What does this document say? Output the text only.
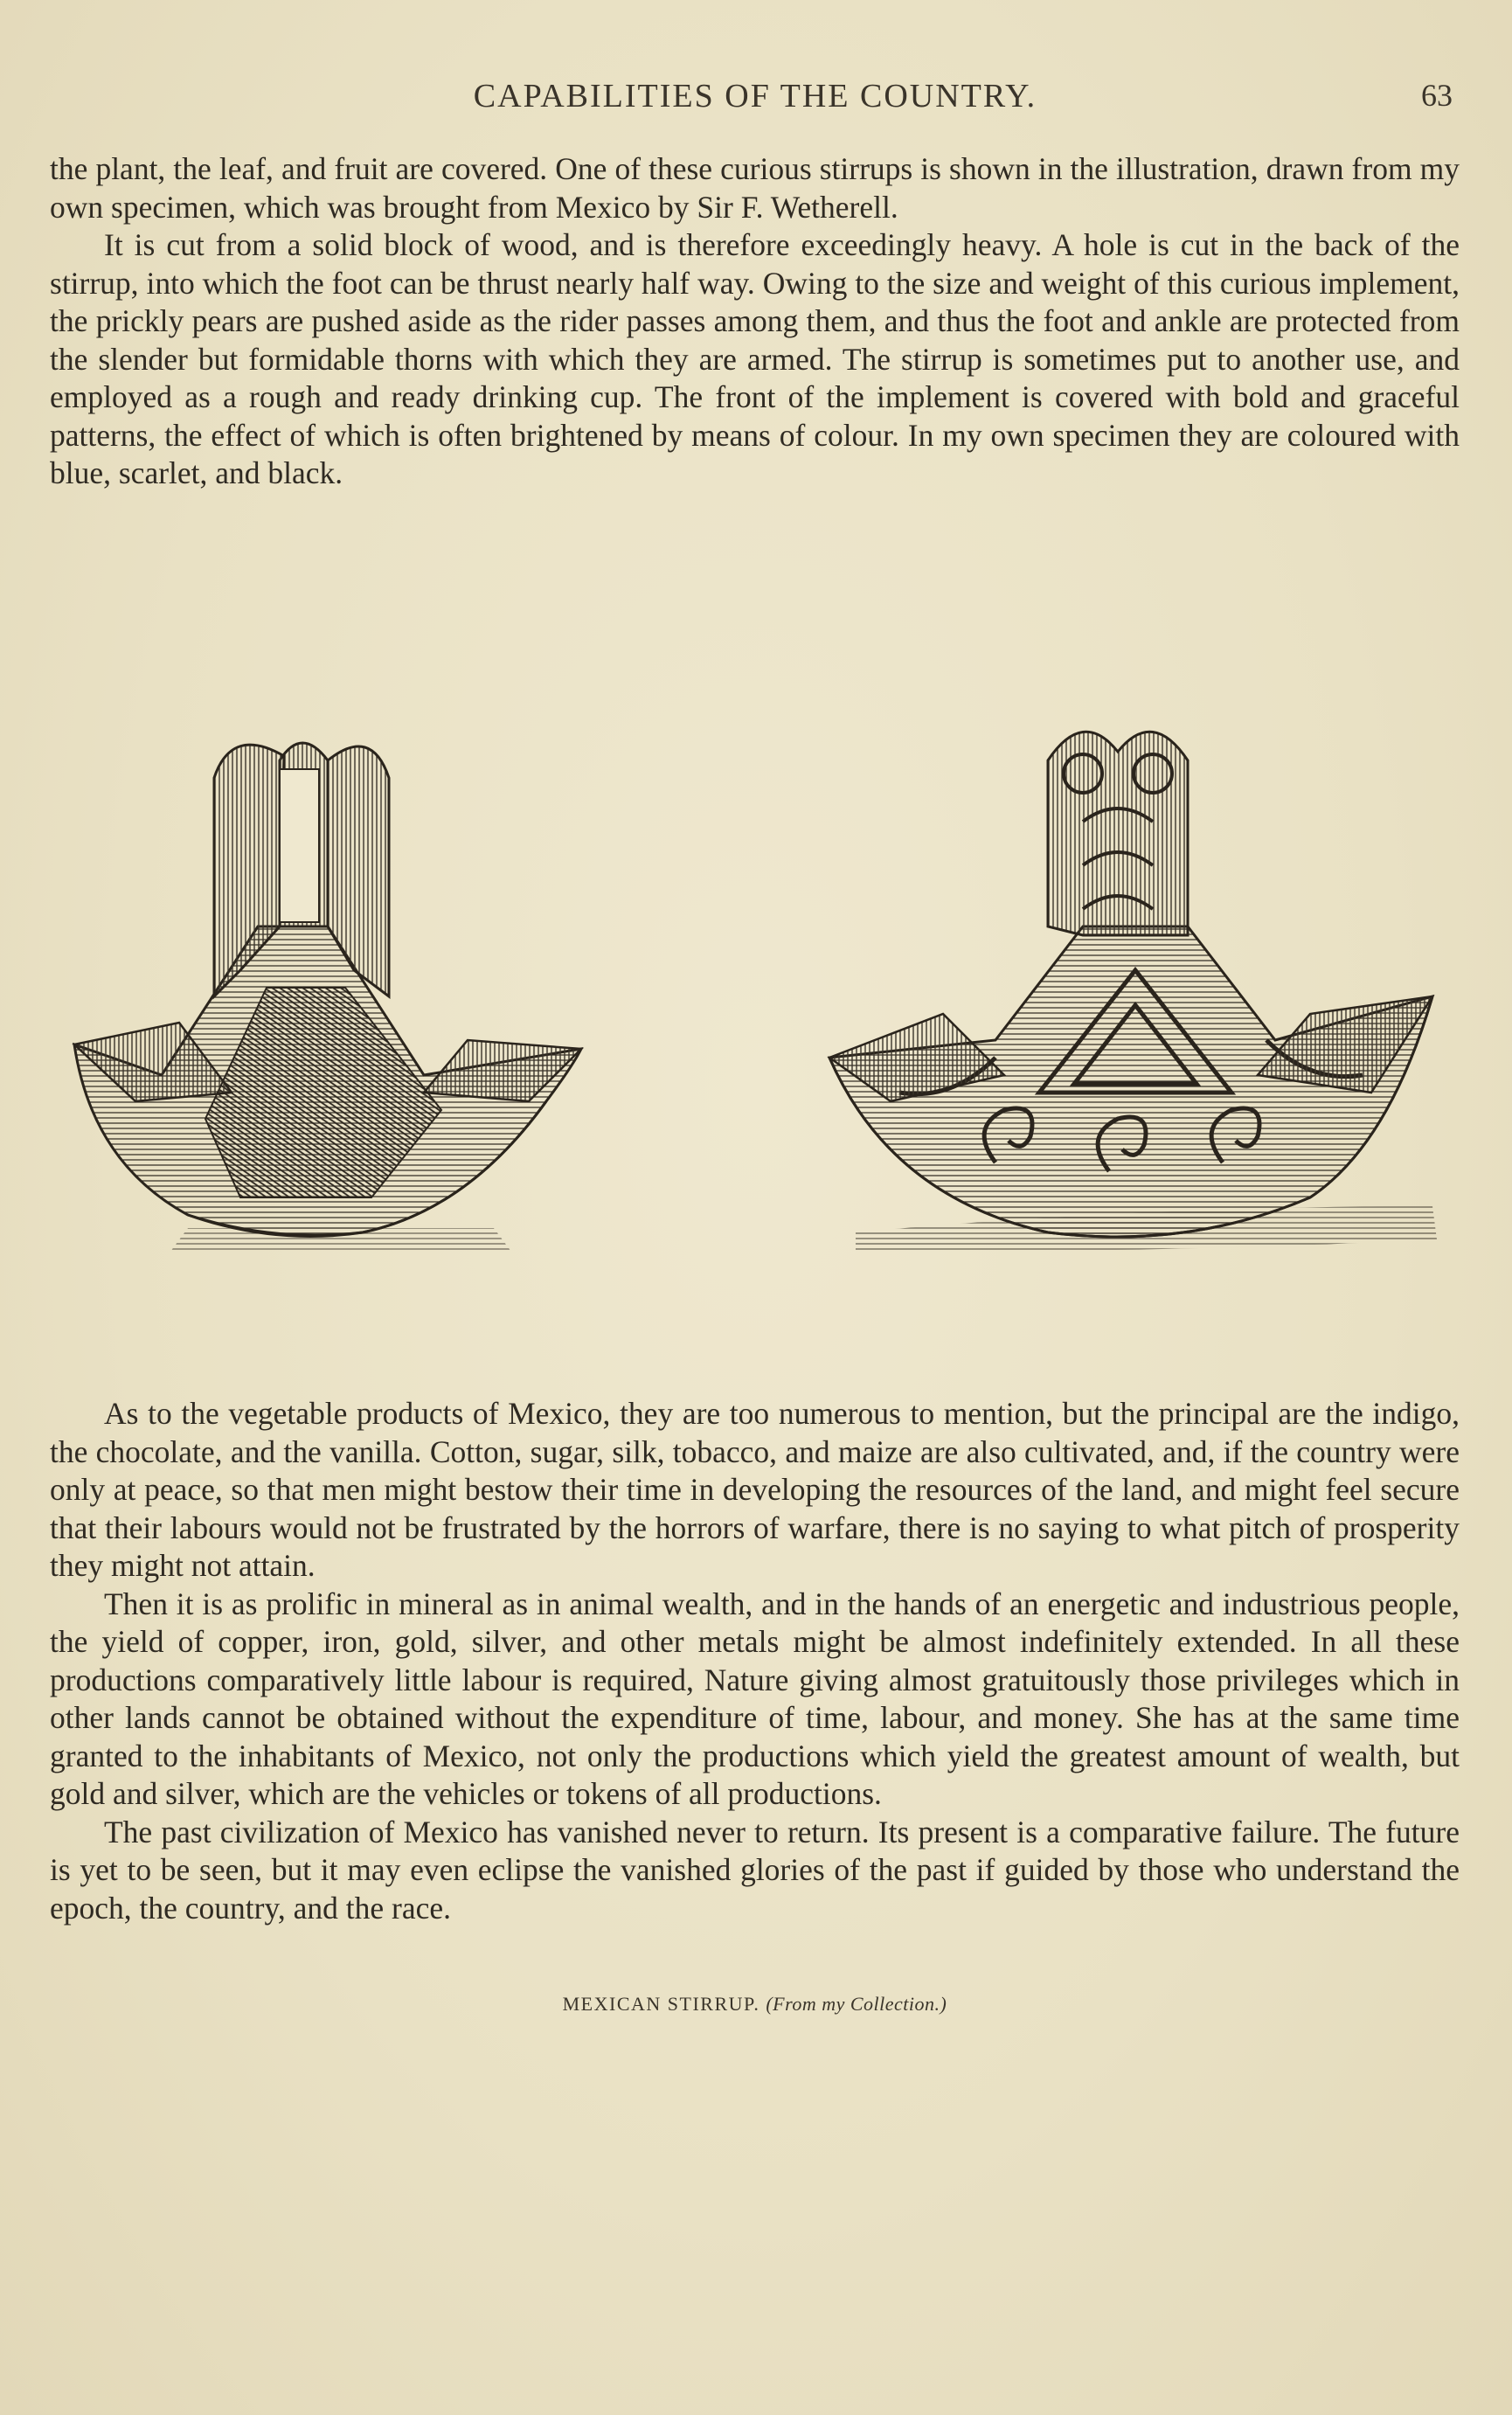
CAPABILITIES OF THE COUNTRY.	63

the plant, the leaf, and fruit are covered. One of these curious stirrups is shown in the illustration, drawn from my own specimen, which was brought from Mexico by Sir F. Wetherell.

It is cut from a solid block of wood, and is therefore exceedingly heavy. A hole is cut in the back of the stirrup, into which the foot can be thrust nearly half way. Owing to the size and weight of this curious implement, the prickly pears are pushed aside as the rider passes among them, and thus the foot and ankle are protected from the slender but formidable thorns with which they are armed. The stirrup is sometimes put to another use, and employed as a rough and ready drinking cup. The front of the implement is covered with bold and graceful patterns, the effect of which is often brightened by means of colour. In my own specimen they are coloured with blue, scarlet, and black.

MEXICAN STIRRUP. (From my Collection.)

As to the vegetable products of Mexico, they are too numerous to mention, but the principal are the indigo, the chocolate, and the vanilla. Cotton, sugar, silk, tobacco, and maize are also cultivated, and, if the country were only at peace, so that men might bestow their time in developing the resources of the land, and might feel secure that their labours would not be frustrated by the horrors of warfare, there is no saying to what pitch of prosperity they might not attain.

Then it is as prolific in mineral as in animal wealth, and in the hands of an energetic and industrious people, the yield of copper, iron, gold, silver, and other metals might be almost indefinitely extended. In all these productions comparatively little labour is required, Nature giving almost gratuitously those privileges which in other lands cannot be obtained without the expenditure of time, labour, and money. She has at the same time granted to the inhabitants of Mexico, not only the productions which yield the greatest amount of wealth, but gold and silver, which are the vehicles or tokens of all productions.

The past civilization of Mexico has vanished never to return. Its present is a comparative failure. The future is yet to be seen, but it may even eclipse the vanished glories of the past if guided by those who understand the epoch, the country, and the race.
